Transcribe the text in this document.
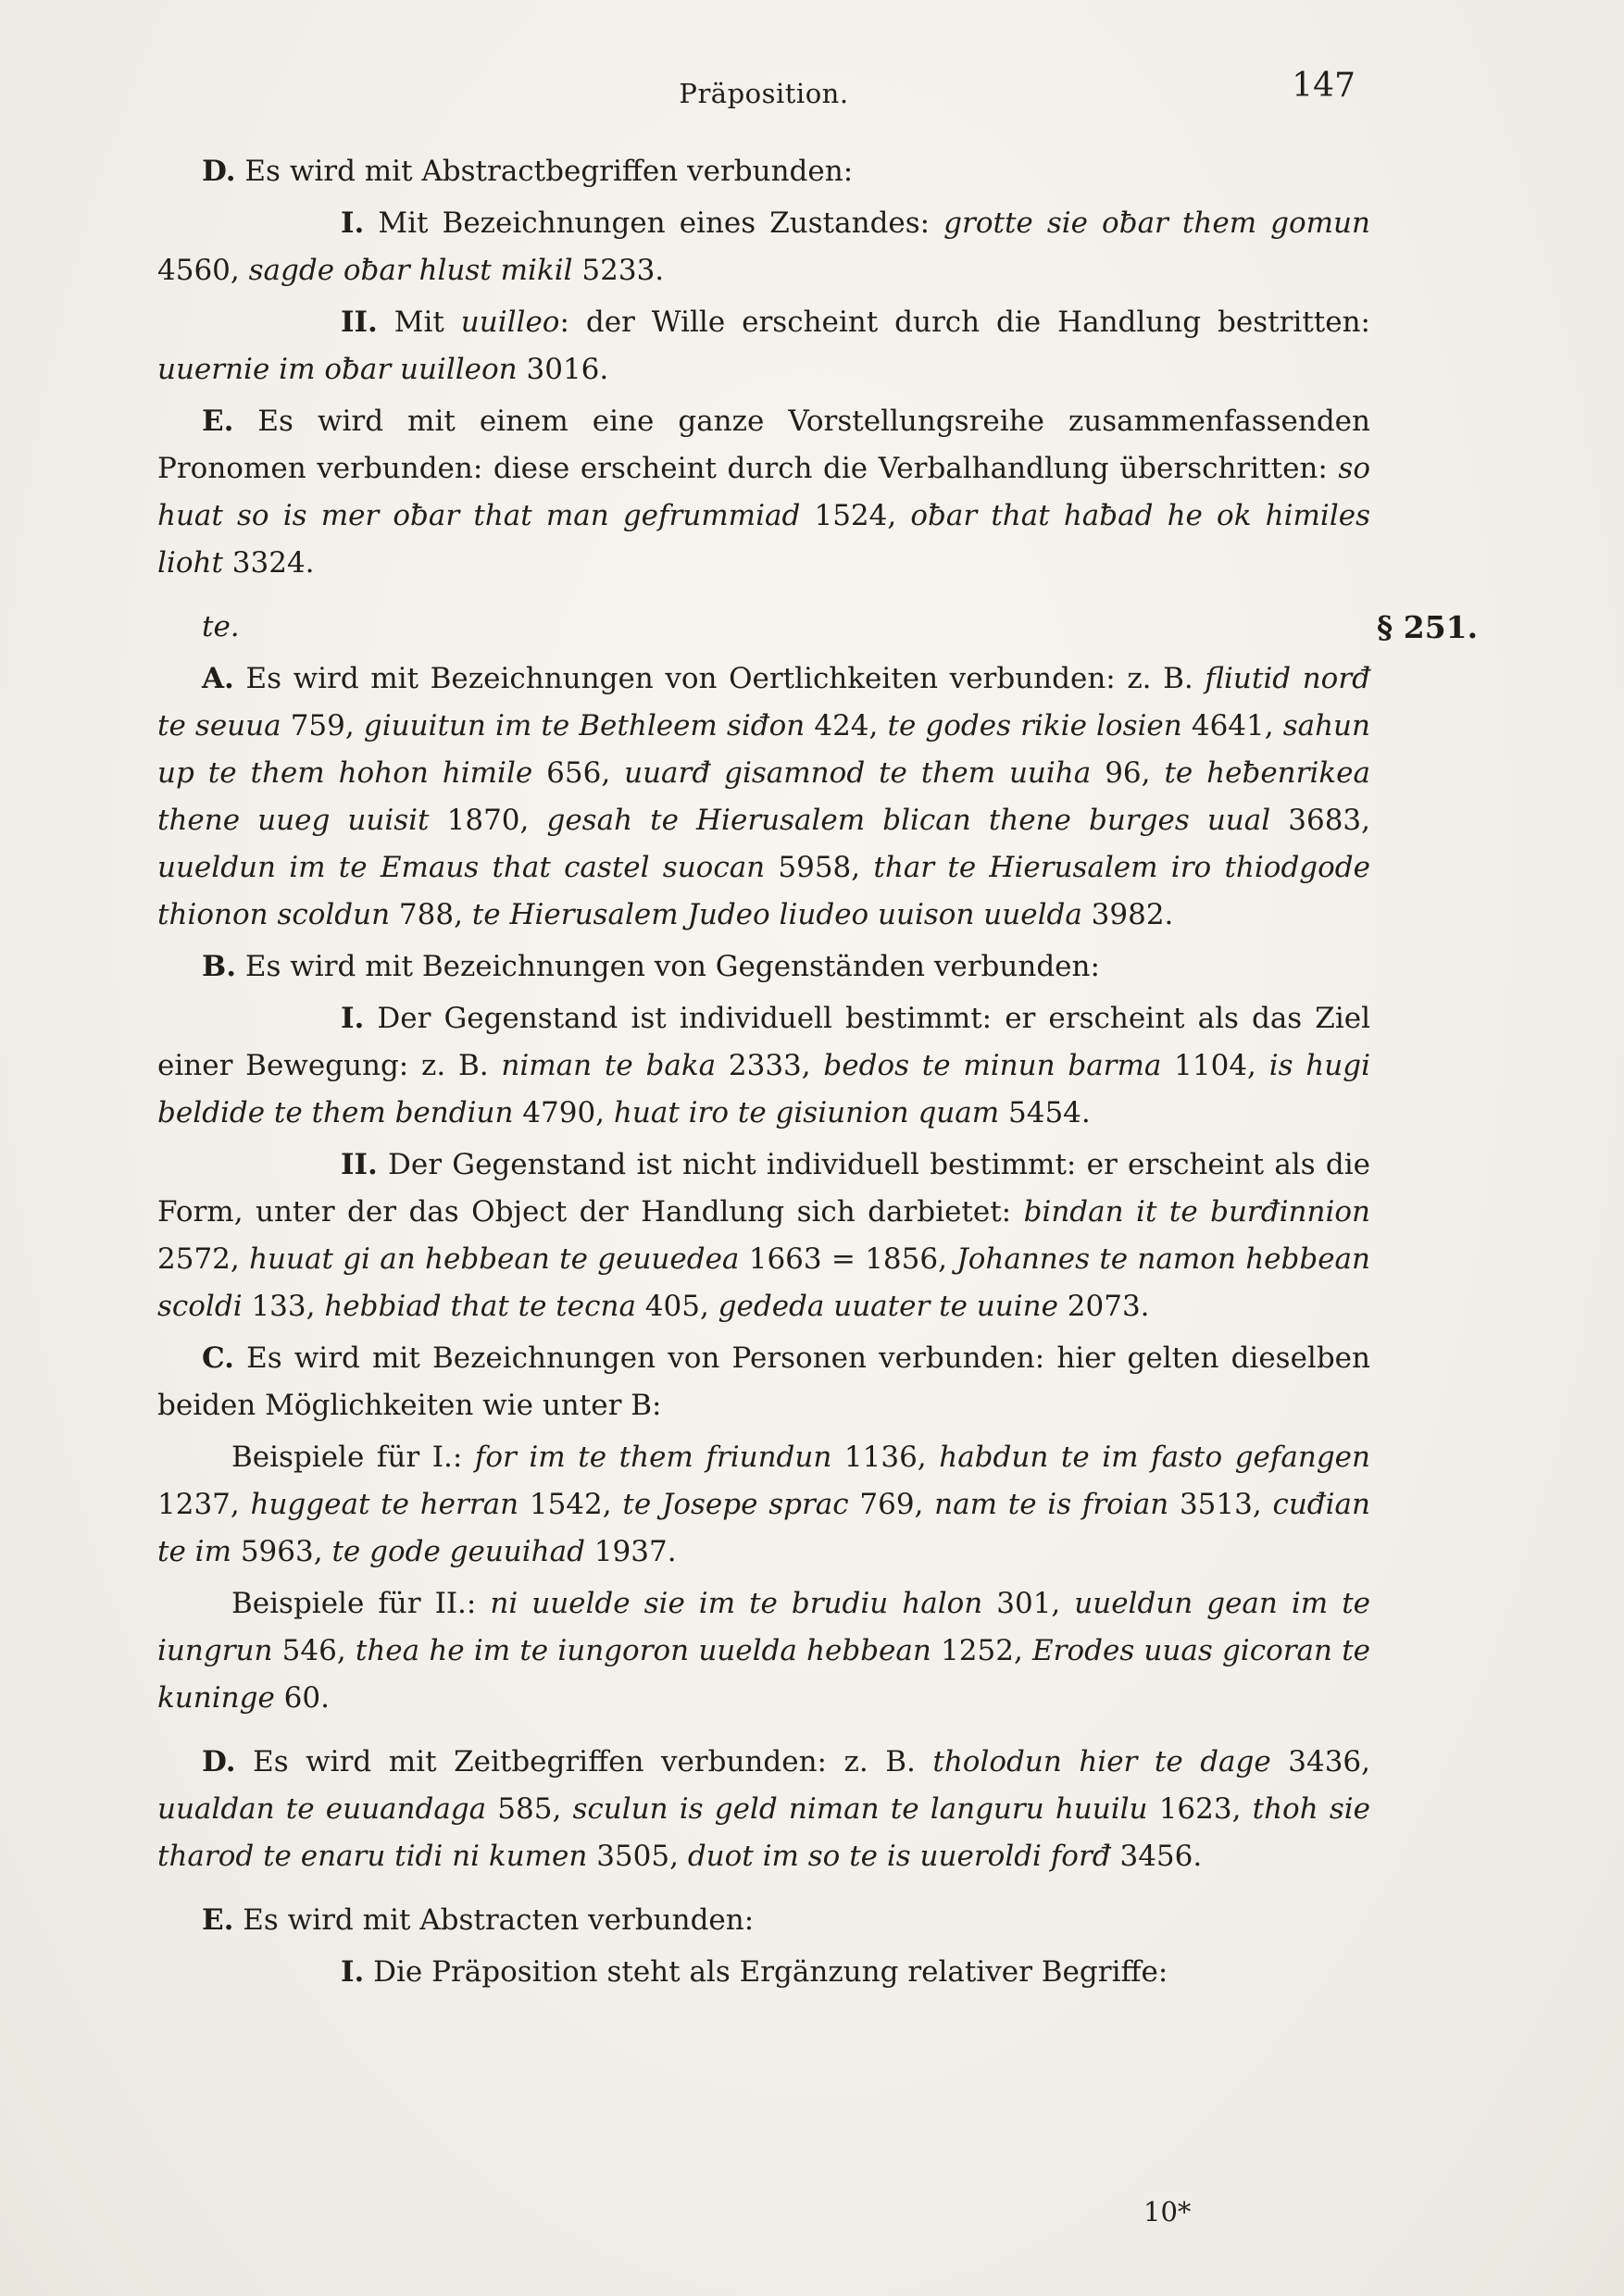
Präposition.	147

D. Es wird mit Abstractbegriffen verbunden:

I. Mit Bezeichnungen eines Zustandes: grotte sie oƀar them gomun 4560, sagde oƀar hlust mikil 5233.

II. Mit uuilleo: der Wille erscheint durch die Handlung bestritten: uuernie im oƀar uuilleon 3016.

E. Es wird mit einem eine ganze Vorstellungsreihe zusammenfassenden Pronomen verbunden: diese erscheint durch die Verbalhandlung überschritten: so huat so is mer oƀar that man gefrummiad 1524, oƀar that haƀad he ok himiles lioht 3324.

te.	§ 251.

A. Es wird mit Bezeichnungen von Oertlichkeiten verbunden: z. B. fliutid norđ te seuua 759, giuuitun im te Bethleem siđon 424, te godes rikie losien 4641, sahun up te them hohon himile 656, uuarđ gisamnod te them uuiha 96, te heƀenrikea thene uueg uuisit 1870, gesah te Hierusalem blican thene burges uual 3683, uueldun im te Emaus that castel suocan 5958, thar te Hierusalem iro thiodgode thionon scoldun 788, te Hierusalem Judeo liudeo uuison uuelda 3982.

B. Es wird mit Bezeichnungen von Gegenständen verbunden:

I. Der Gegenstand ist individuell bestimmt: er erscheint als das Ziel einer Bewegung: z. B. niman te baka 2333, bedos te minun barma 1104, is hugi beldide te them bendiun 4790, huat iro te gisiunion quam 5454.

II. Der Gegenstand ist nicht individuell bestimmt: er erscheint als die Form, unter der das Object der Handlung sich darbietet: bindan it te burđinnion 2572, huuat gi an hebbean te geuuedea 1663 = 1856, Johannes te namon hebbean scoldi 133, hebbiad that te tecna 405, gededa uuater te uuine 2073.

C. Es wird mit Bezeichnungen von Personen verbunden: hier gelten dieselben beiden Möglichkeiten wie unter B:

Beispiele für I.: for im te them friundun 1136, habdun te im fasto gefangen 1237, huggeat te herran 1542, te Josepe sprac 769, nam te is froian 3513, cuđian te im 5963, te gode geuuihad 1937.

Beispiele für II.: ni uuelde sie im te brudiu halon 301, uueldun gean im te iungrun 546, thea he im te iungoron uuelda hebbean 1252, Erodes uuas gicoran te kuninge 60.

D. Es wird mit Zeitbegriffen verbunden: z. B. tholodun hier te dage 3436, uualdan te euuandaga 585, sculun is geld niman te languru huuilu 1623, thoh sie tharod te enaru tidi ni kumen 3505, duot im so te is uueroldi forđ 3456.

E. Es wird mit Abstracten verbunden:

I. Die Präposition steht als Ergänzung relativer Begriffe:

10*
